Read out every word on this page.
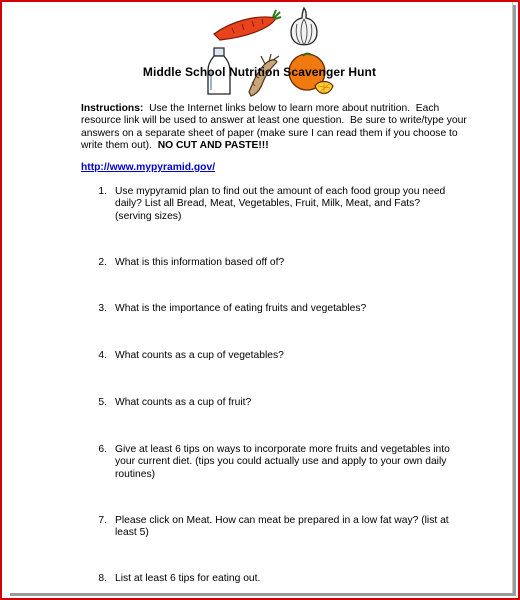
Middle School Nutrition Scavenger Hunt
Instructions:  Use the Internet links below to learn more about nutrition.  Each resource link will be used to answer at least one question.  Be sure to write/type your answers on a separate sheet of paper (make sure I can read them if you choose to write them out).  NO CUT AND PASTE!!!
http://www.mypyramid.gov/
1. Use mypyramid plan to find out the amount of each food group you need daily? List all Bread, Meat, Vegetables, Fruit, Milk, Meat, and Fats? (serving sizes)
2. What is this information based off of?
3. What is the importance of eating fruits and vegetables?
4. What counts as a cup of vegetables?
5. What counts as a cup of fruit?
6. Give at least 6 tips on ways to incorporate more fruits and vegetables into your current diet. (tips you could actually use and apply to your own daily routines)
7. Please click on Meat. How can meat be prepared in a low fat way? (list at least 5)
8. List at least 6 tips for eating out.
